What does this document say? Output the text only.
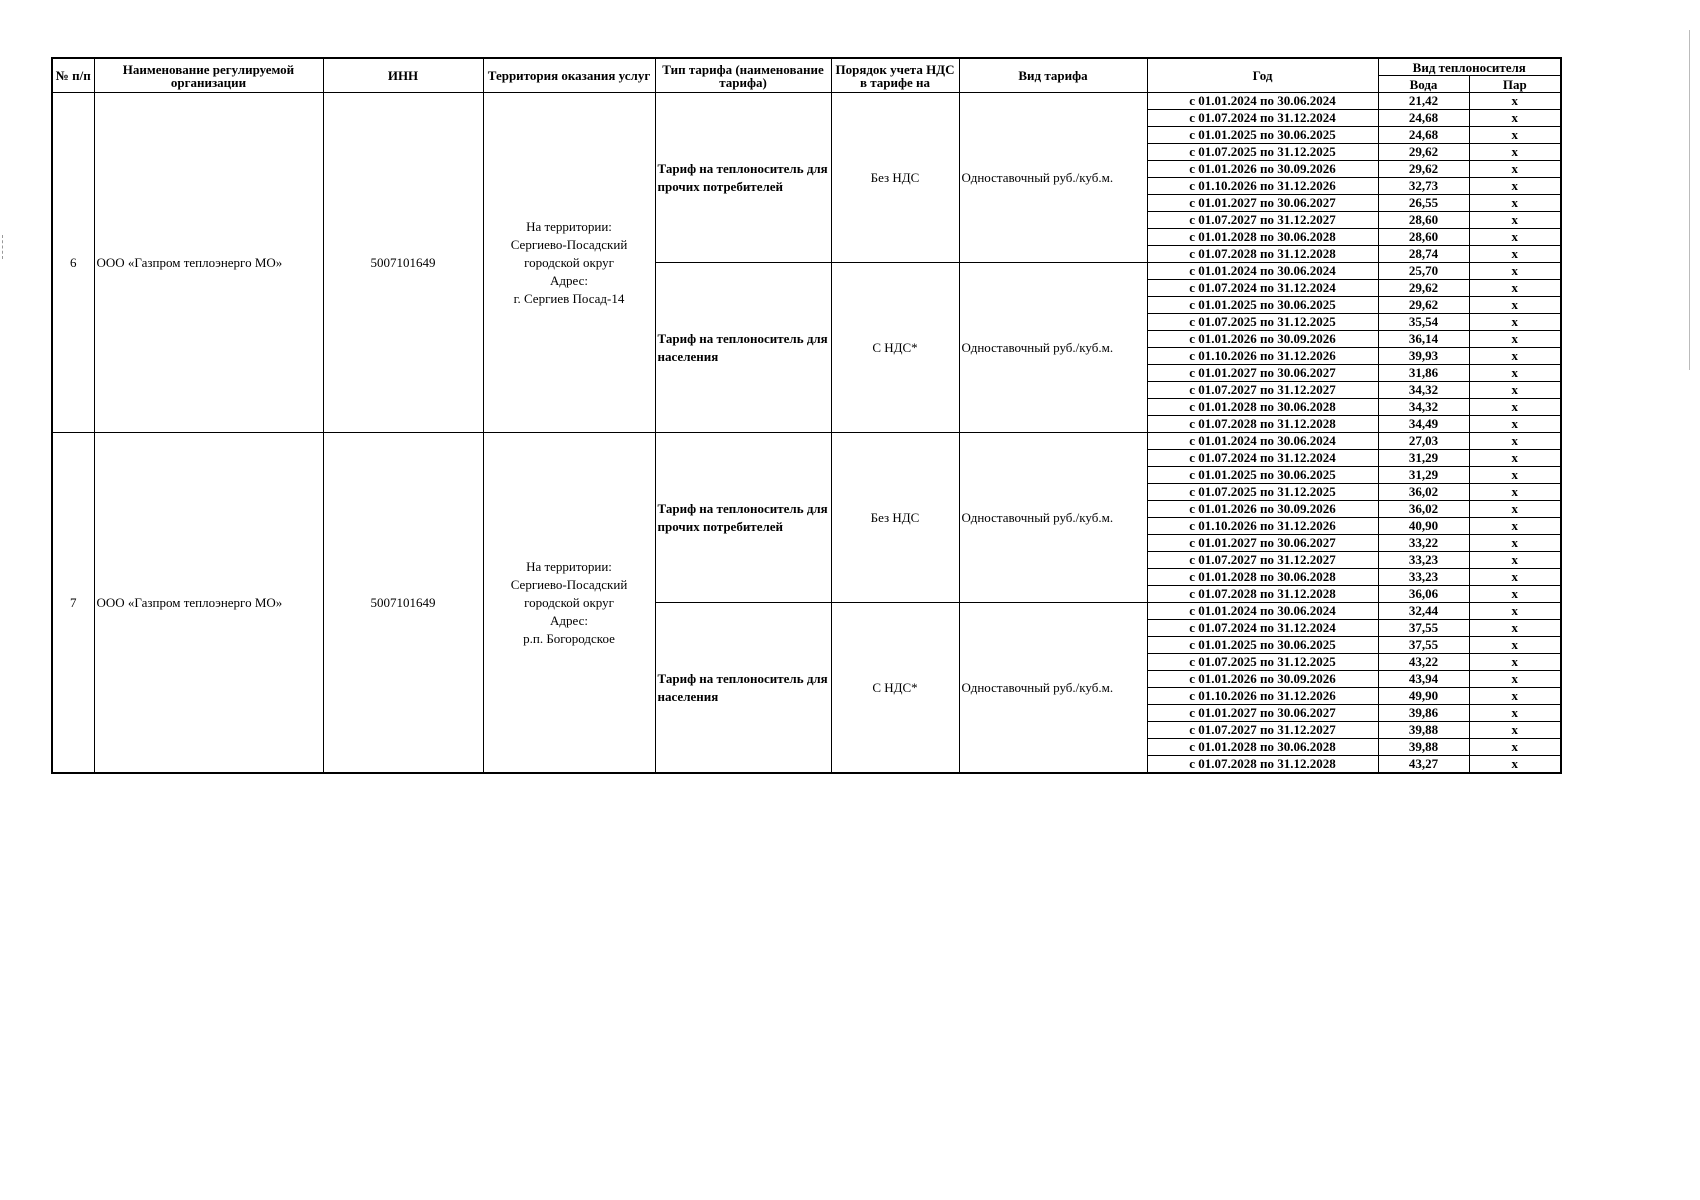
№ п/п	Наименование регулируемой организации	ИНН	Территория оказания услуг	Тип тарифа (наименование тарифа)	Порядок учета НДС в тарифе на	Вид тарифа	Год	Вид теплоносителя	
								Вода	Пар
6	ООО «Газпром теплоэнерго МО»	5007101649	На территории:
Сергиево-Посадский
городской округ
Адрес:
г. Сергиев Посад-14	Тариф на теплоноситель для прочих потребителей	Без НДС	Одноставочный руб./куб.м.	с 01.01.2024 по 30.06.2024	21,42	х
							с 01.07.2024 по 31.12.2024	24,68	х
							с 01.01.2025 по 30.06.2025	24,68	х
							с 01.07.2025 по 31.12.2025	29,62	х
							с 01.01.2026 по 30.09.2026	29,62	х
							с 01.10.2026 по 31.12.2026	32,73	х
							с 01.01.2027 по 30.06.2027	26,55	х
							с 01.07.2027 по 31.12.2027	28,60	х
							с 01.01.2028 по 30.06.2028	28,60	х
							с 01.07.2028 по 31.12.2028	28,74	х
				Тариф на теплоноситель для населения	С НДС*	Одноставочный руб./куб.м.	с 01.01.2024 по 30.06.2024	25,70	х
							с 01.07.2024 по 31.12.2024	29,62	х
							с 01.01.2025 по 30.06.2025	29,62	х
							с 01.07.2025 по 31.12.2025	35,54	х
							с 01.01.2026 по 30.09.2026	36,14	х
							с 01.10.2026 по 31.12.2026	39,93	х
							с 01.01.2027 по 30.06.2027	31,86	х
							с 01.07.2027 по 31.12.2027	34,32	х
							с 01.01.2028 по 30.06.2028	34,32	х
							с 01.07.2028 по 31.12.2028	34,49	х
7	ООО «Газпром теплоэнерго МО»	5007101649	На территории:
Сергиево-Посадский
городской округ
Адрес:
р.п. Богородское	Тариф на теплоноситель для прочих потребителей	Без НДС	Одноставочный руб./куб.м.	с 01.01.2024 по 30.06.2024	27,03	х
							с 01.07.2024 по 31.12.2024	31,29	х
							с 01.01.2025 по 30.06.2025	31,29	х
							с 01.07.2025 по 31.12.2025	36,02	х
							с 01.01.2026 по 30.09.2026	36,02	х
							с 01.10.2026 по 31.12.2026	40,90	х
							с 01.01.2027 по 30.06.2027	33,22	х
							с 01.07.2027 по 31.12.2027	33,23	х
							с 01.01.2028 по 30.06.2028	33,23	х
							с 01.07.2028 по 31.12.2028	36,06	х
				Тариф на теплоноситель для населения	С НДС*	Одноставочный руб./куб.м.	с 01.01.2024 по 30.06.2024	32,44	х
							с 01.07.2024 по 31.12.2024	37,55	х
							с 01.01.2025 по 30.06.2025	37,55	х
							с 01.07.2025 по 31.12.2025	43,22	х
							с 01.01.2026 по 30.09.2026	43,94	х
							с 01.10.2026 по 31.12.2026	49,90	х
							с 01.01.2027 по 30.06.2027	39,86	х
							с 01.07.2027 по 31.12.2027	39,88	х
							с 01.01.2028 по 30.06.2028	39,88	х
							с 01.07.2028 по 31.12.2028	43,27	х
